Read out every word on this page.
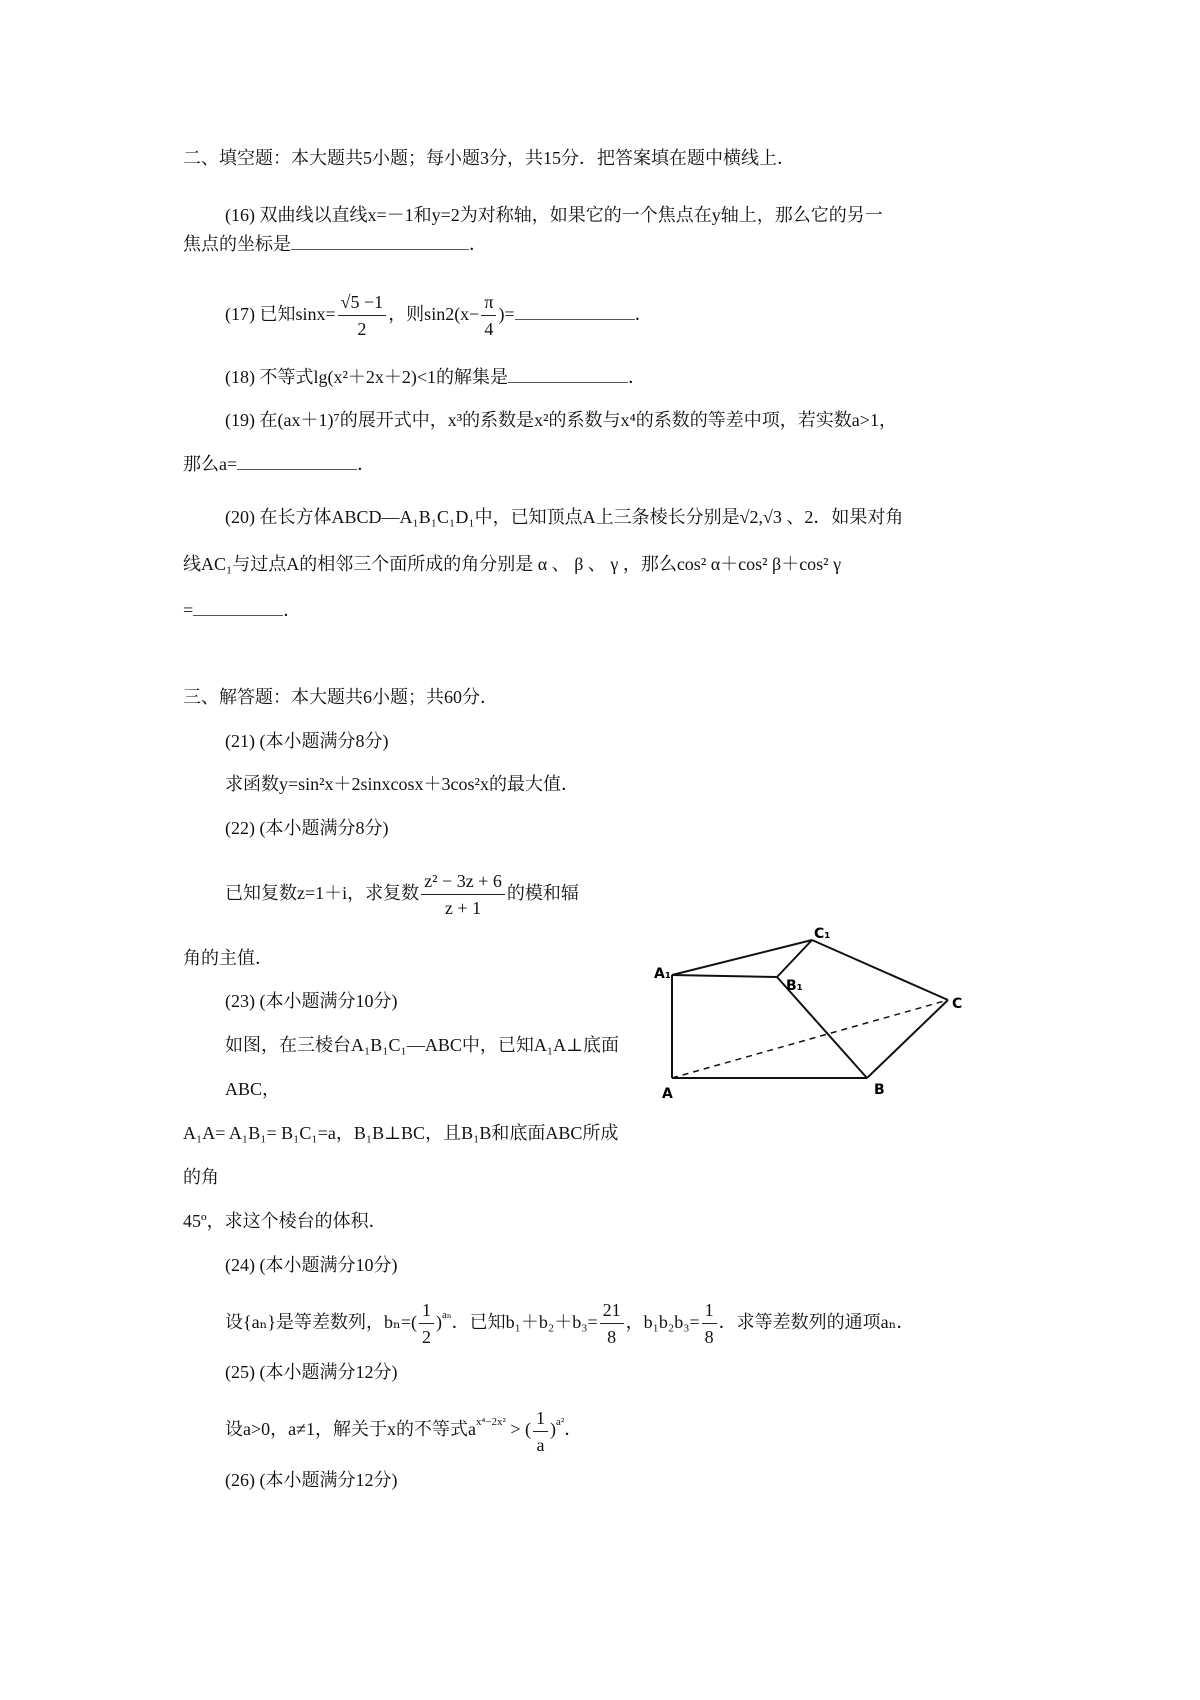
二、填空题：本大题共5小题；每小题3分，共15分．把答案填在题中横线上．
(16) 双曲线以直线x=－1和y=2为对称轴，如果它的一个焦点在y轴上，那么它的另一
焦点的坐标是	．
(17) 已知$\sin x= \frac{√5 -1}{2}$ ，则$\sin 2(x- \frac{\pi}{4}$ )=	．
(18) 不等式lg(x²＋2x＋2)<1的解集是	．
(19) 在(ax＋1)⁷的展开式中，x³的系数是x²的系数与x⁴的系数的等差中项，若实数a>1，
那么a=	．
(20) 在长方体ABCD—A₁B₁C₁D₁中，已知顶点A上三条棱长分别是√2,√3 、2．如果对角
线AC₁与过点A的相邻三个面所成的角分别是 α 、 β 、 γ ，那么cos² α＋cos² β＋cos² γ
=	．
三、解答题：本大题共6小题；共60分．
(21) (本小题满分8分)
求函数y=sin²x＋2sinxcosx＋3cos²x的最大值．
(22) (本小题满分8分)
已知复数z=1＋i，求复数 $\frac{\text{z² − 3z + 6}}{z + 1}$ 的模和辐
角的主值．
(23) (本小题满分10分)
A₁
C₁
B₁
C
A	B
如图，在三棱台A₁B₁C₁—ABC中，已知A₁A⊥底面ABC，
A₁A= A₁B₁= B₁C₁=a，B₁B⊥BC，且B₁B和底面ABC所成的角
45º，求这个棱台的体积．
(24) (本小题满分10分)
设{aₙ}是等差数列，$b_n=( \frac{1}{2} )^{a_n}$．已知$b_1+b_2+b_3= \frac{21}{8}$ ，$b_1b_2b_3= \frac{1}{8}$ ．求等差数列的通项aₙ．
(25) (本小题满分12分)
设a>0，a≠1，解关于x的不等式$a^{x^4-2x^2}$ > ( $\frac{1}{a} )^{a^2}$．
(26) (本小题满分12分)
